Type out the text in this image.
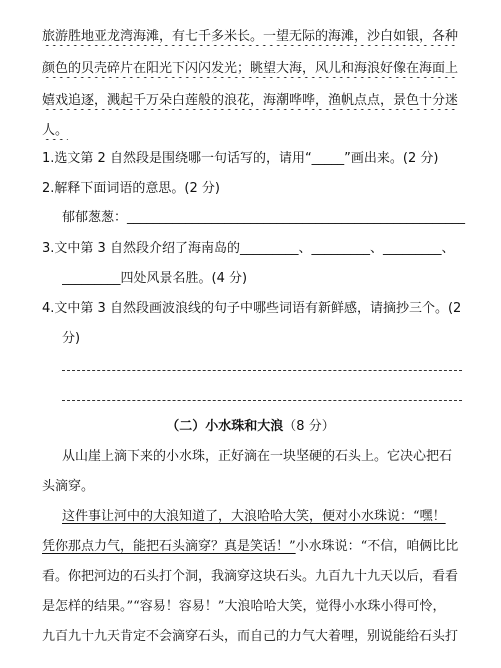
旅游胜地亚龙湾海滩，有七千多米长。一望无际的海滩，沙白如银，各种
颜色的贝壳碎片在阳光下闪闪发光；眺望大海，风儿和海浪好像在海面上
嬉戏追逐，溅起千万朵白莲般的浪花，海潮哗哗，渔帆点点，景色十分迷
人。
1.选文第 2 自然段是围绕哪一句话写的，请用“_____”画出来。(2 分)
2.解释下面词语的意思。(2 分)
郁郁葱葱：____________________________________________________
3.文中第 3 自然段介绍了海南岛的_________、_________、_________、
_________四处风景名胜。(4 分)
4.文中第 3 自然段画波浪线的句子中哪些词语有新鲜感，请摘抄三个。(2
分)
（二）小水珠和大浪（8 分）
从山崖上滴下来的小水珠，正好滴在一块坚硬的石头上。它决心把石
头滴穿。
这件事让河中的大浪知道了，大浪哈哈大笑，便对小水珠说：“嘿！
凭你那点力气，能把石头滴穿？真是笑话！”小水珠说：“不信，咱俩比比
看。你把河边的石头打个洞，我滴穿这块石头。九百九十九天以后，看看
是怎样的结果。”“容易！容易！”大浪哈哈大笑，觉得小水珠小得可怜，
九百九十九天肯定不会滴穿石头，而自己的力气大着哩，别说能给石头打
